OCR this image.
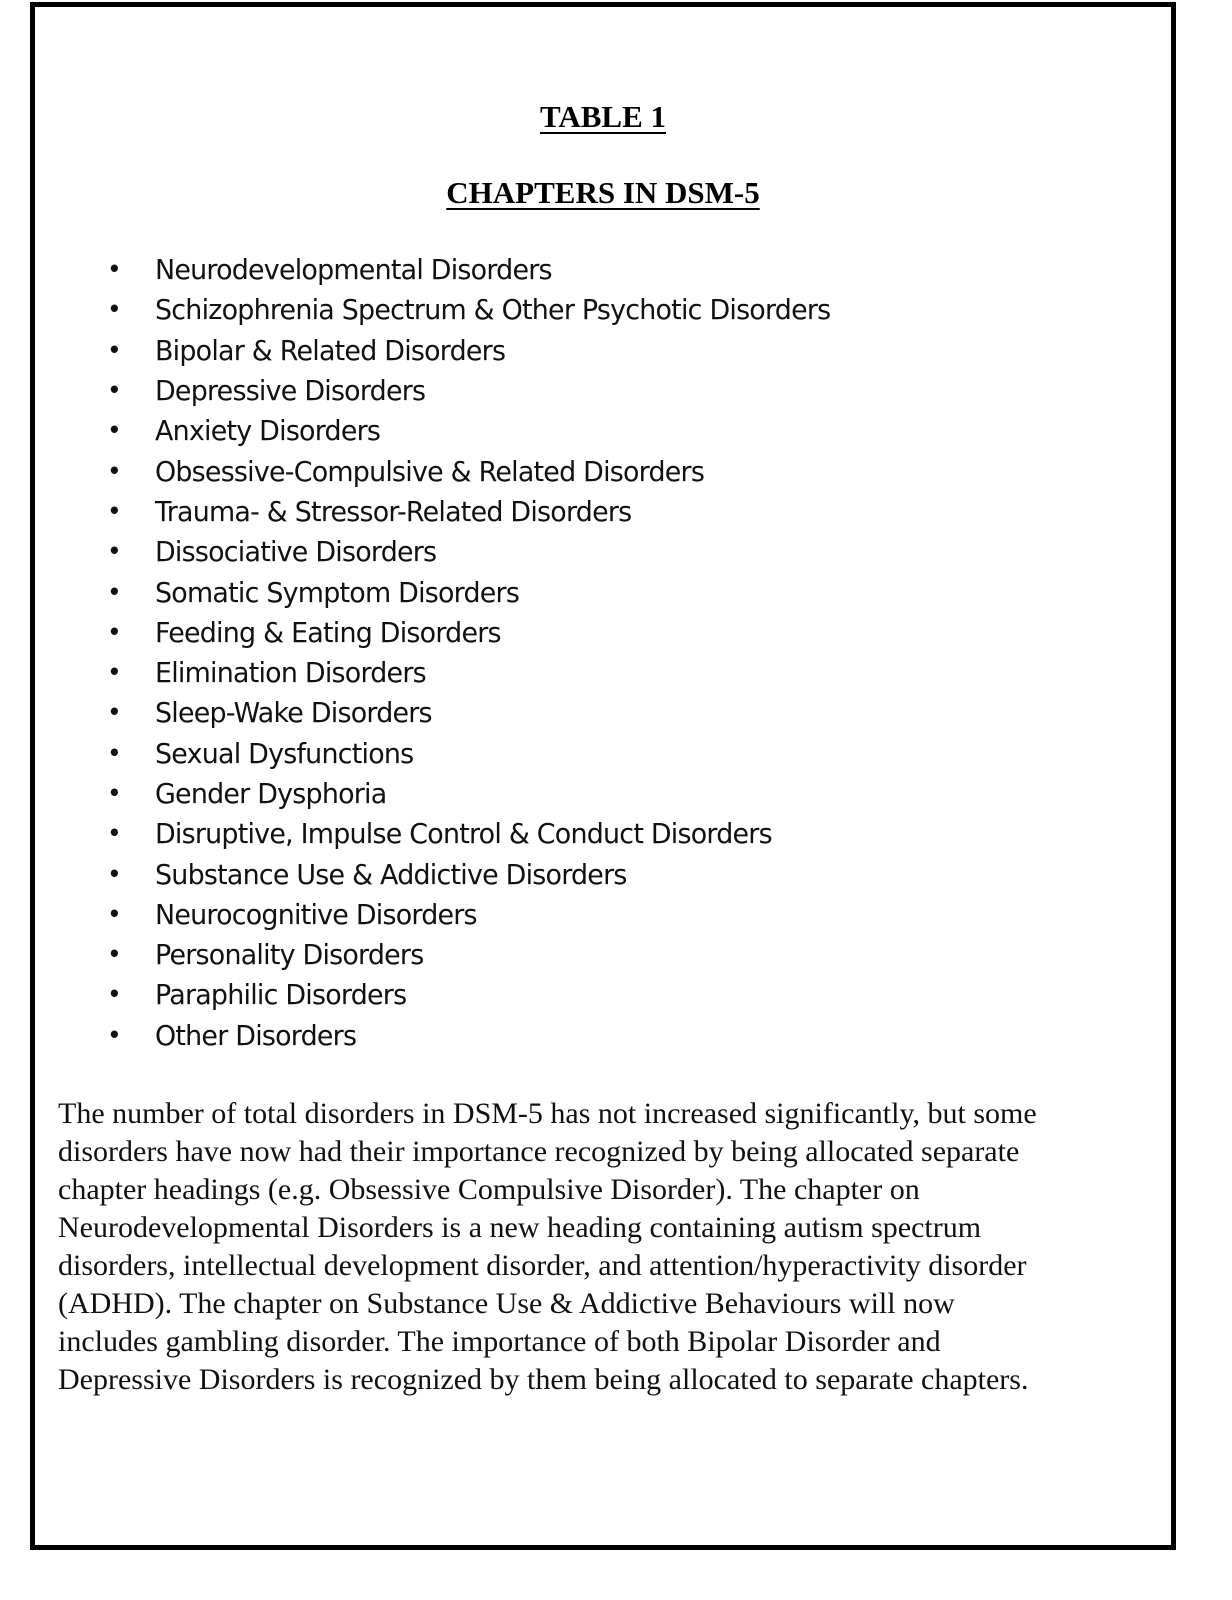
TABLE 1
CHAPTERS IN DSM-5
•	Neurodevelopmental Disorders
•	Schizophrenia Spectrum & Other Psychotic Disorders
•	Bipolar & Related Disorders
•	Depressive Disorders
•	Anxiety Disorders
•	Obsessive-Compulsive & Related Disorders
•	Trauma- & Stressor-Related Disorders
•	Dissociative Disorders
•	Somatic Symptom Disorders
•	Feeding & Eating Disorders
•	Elimination Disorders
•	Sleep-Wake Disorders
•	Sexual Dysfunctions
•	Gender Dysphoria
•	Disruptive, Impulse Control & Conduct Disorders
•	Substance Use & Addictive Disorders
•	Neurocognitive Disorders
•	Personality Disorders
•	Paraphilic Disorders
•	Other Disorders

The number of total disorders in DSM-5 has not increased significantly, but some
disorders have now had their importance recognized by being allocated separate
chapter headings (e.g. Obsessive Compulsive Disorder). The chapter on
Neurodevelopmental Disorders is a new heading containing autism spectrum
disorders, intellectual development disorder, and attention/hyperactivity disorder
(ADHD). The chapter on Substance Use & Addictive Behaviours will now
includes gambling disorder. The importance of both Bipolar Disorder and
Depressive Disorders is recognized by them being allocated to separate chapters.
